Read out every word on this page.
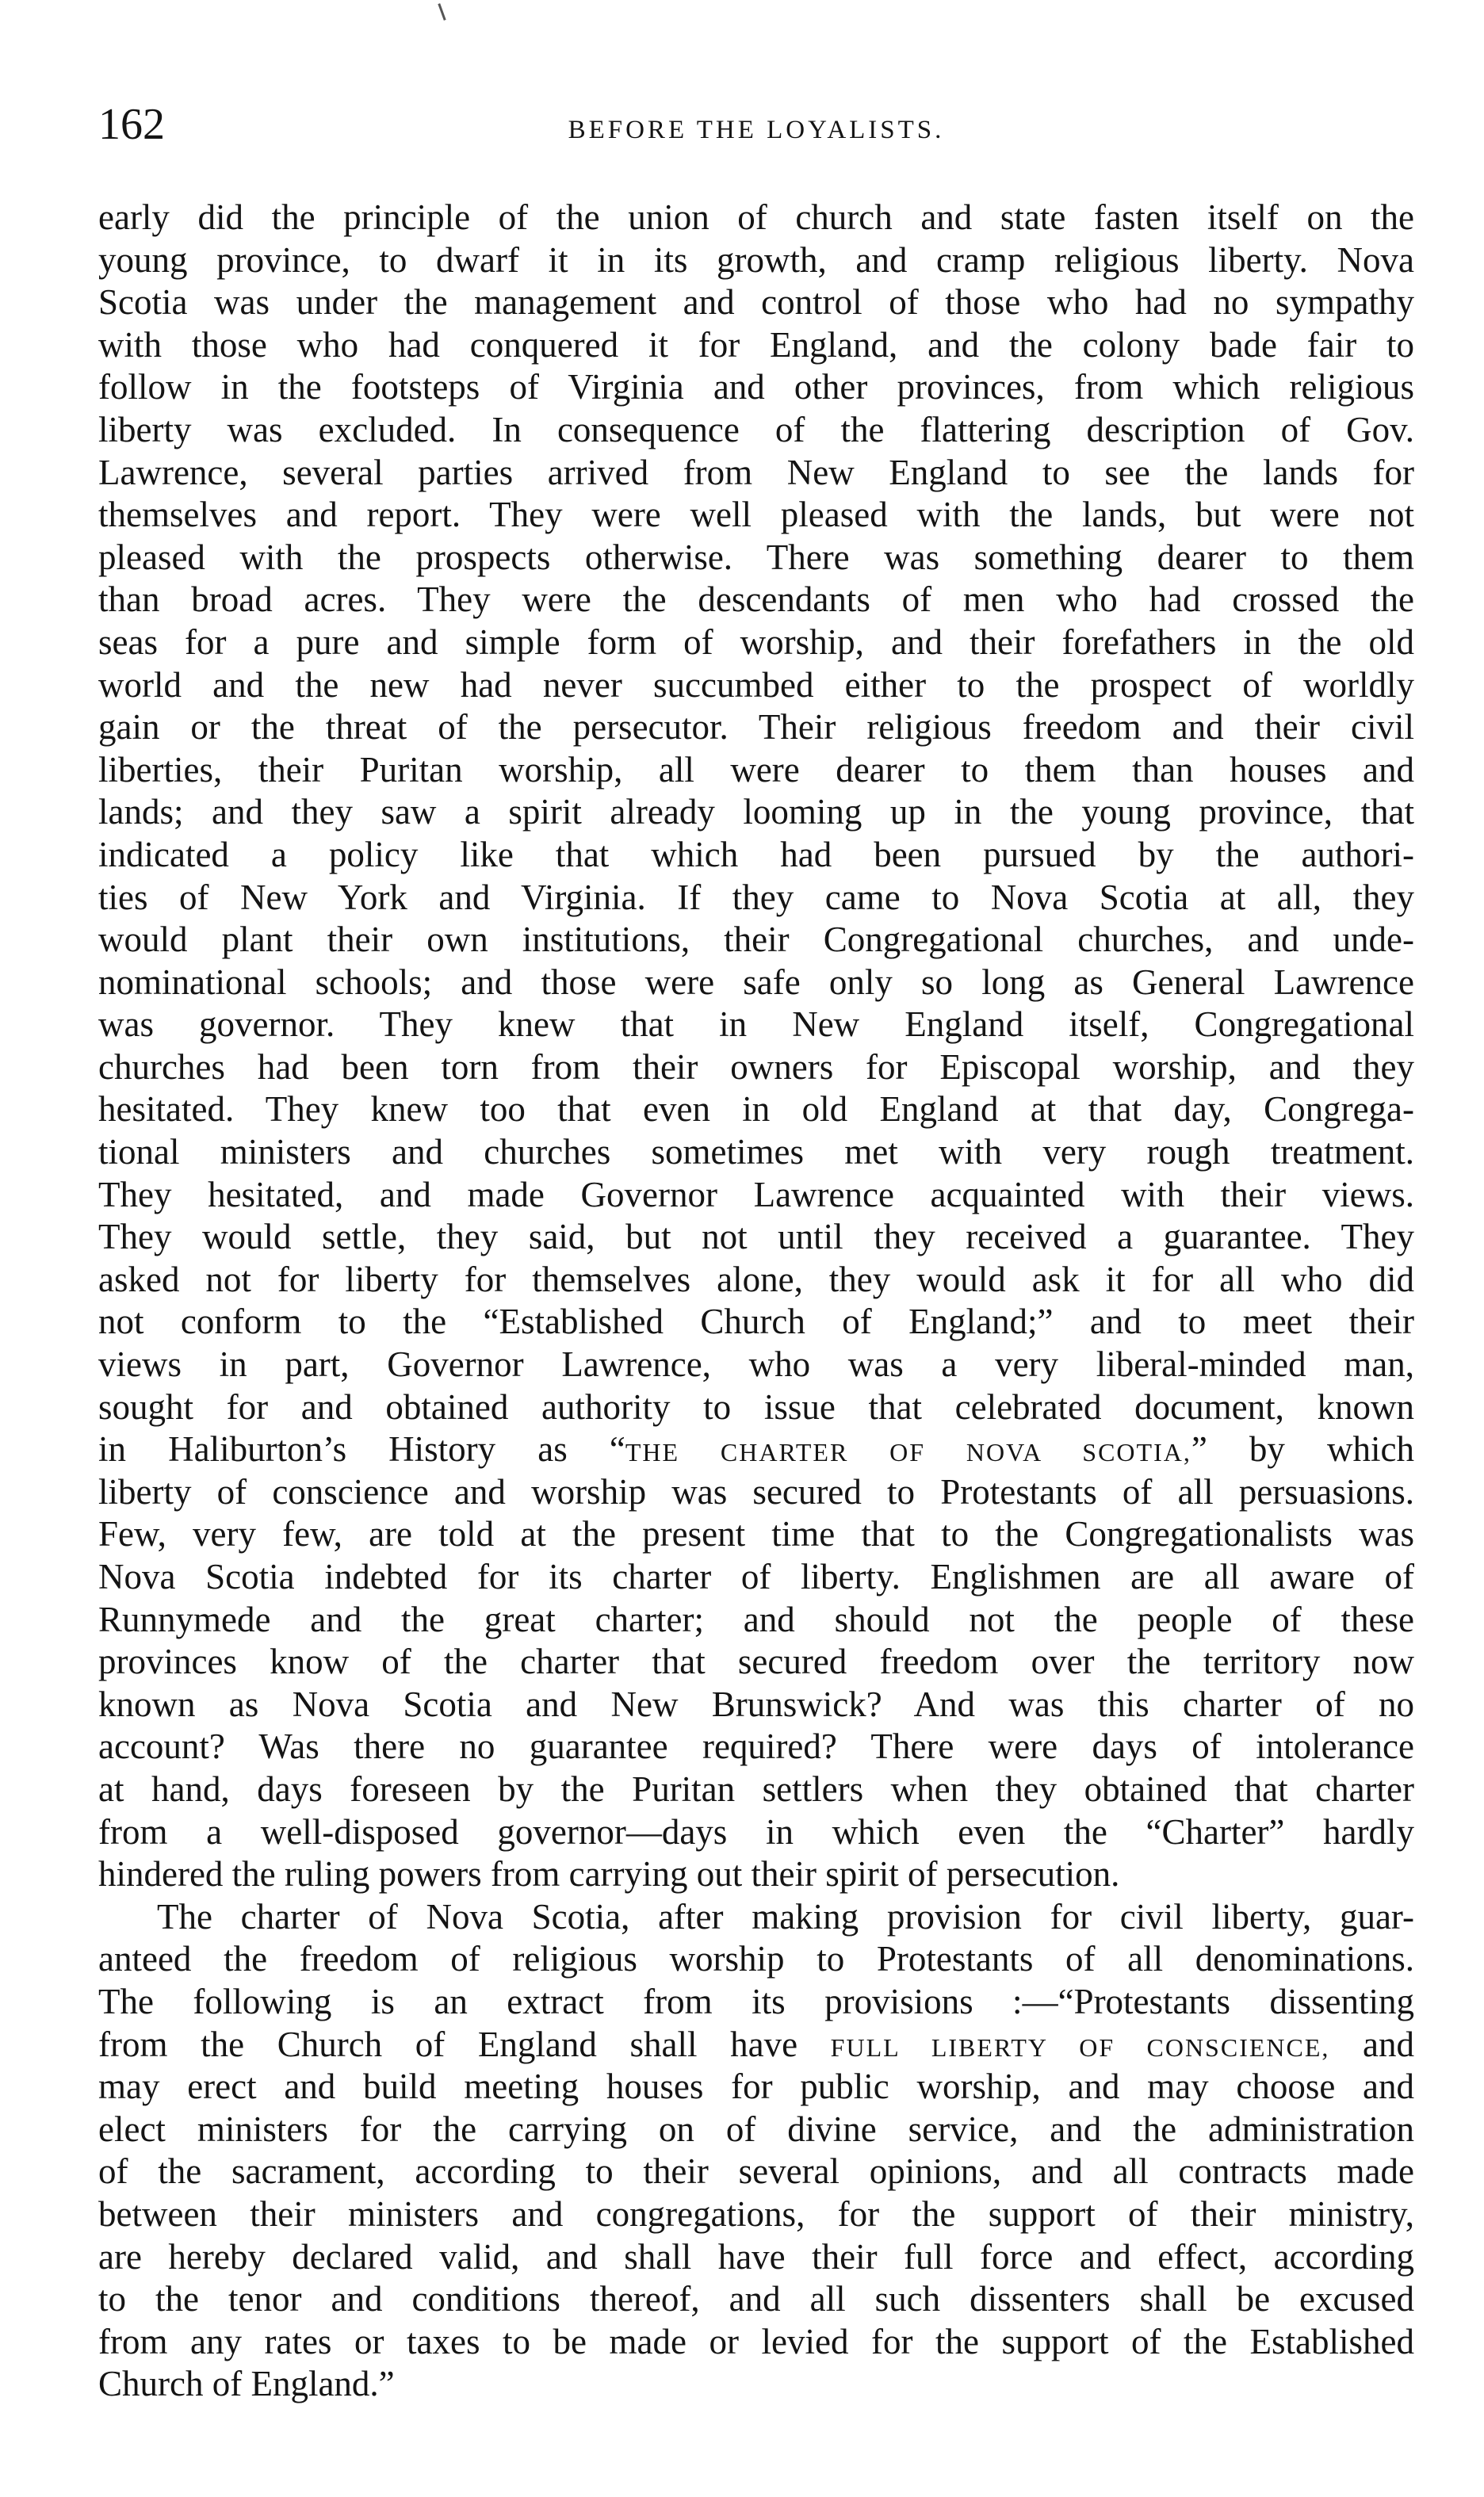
162	BEFORE THE LOYALISTS.
early did the principle of the union of church and state fasten itself on the
young province, to dwarf it in its growth, and cramp religious liberty. Nova
Scotia was under the management and control of those who had no sympathy
with those who had conquered it for England, and the colony bade fair to
follow in the footsteps of Virginia and other provinces, from which religious
liberty was excluded. In consequence of the flattering description of Gov.
Lawrence, several parties arrived from New England to see the lands for
themselves and report. They were well pleased with the lands, but were not
pleased with the prospects otherwise. There was something dearer to them
than broad acres. They were the descendants of men who had crossed the
seas for a pure and simple form of worship, and their forefathers in the old
world and the new had never succumbed either to the prospect of worldly
gain or the threat of the persecutor. Their religious freedom and their civil
liberties, their Puritan worship, all were dearer to them than houses and
lands; and they saw a spirit already looming up in the young province, that
indicated a policy like that which had been pursued by the authori-
ties of New York and Virginia. If they came to Nova Scotia at all, they
would plant their own institutions, their Congregational churches, and unde-
nominational schools; and those were safe only so long as General Lawrence
was governor. They knew that in New England itself, Congregational
churches had been torn from their owners for Episcopal worship, and they
hesitated. They knew too that even in old England at that day, Congrega-
tional ministers and churches sometimes met with very rough treatment.
They hesitated, and made Governor Lawrence acquainted with their views.
They would settle, they said, but not until they received a guarantee. They
asked not for liberty for themselves alone, they would ask it for all who did
not conform to the “Established Church of England;” and to meet their
views in part, Governor Lawrence, who was a very liberal-minded man,
sought for and obtained authority to issue that celebrated document, known
in Haliburton’s History as “THE CHARTER OF NOVA SCOTIA,” by which
liberty of conscience and worship was secured to Protestants of all persuasions.
Few, very few, are told at the present time that to the Congregationalists was
Nova Scotia indebted for its charter of liberty. Englishmen are all aware of
Runnymede and the great charter; and should not the people of these
provinces know of the charter that secured freedom over the territory now
known as Nova Scotia and New Brunswick? And was this charter of no
account? Was there no guarantee required? There were days of intolerance
at hand, days foreseen by the Puritan settlers when they obtained that charter
from a well-disposed governor—days in which even the “Charter” hardly
hindered the ruling powers from carrying out their spirit of persecution.
The charter of Nova Scotia, after making provision for civil liberty, guar-
anteed the freedom of religious worship to Protestants of all denominations.
The following is an extract from its provisions :—“Protestants dissenting
from the Church of England shall have FULL LIBERTY OF CONSCIENCE, and
may erect and build meeting houses for public worship, and may choose and
elect ministers for the carrying on of divine service, and the administration
of the sacrament, according to their several opinions, and all contracts made
between their ministers and congregations, for the support of their ministry,
are hereby declared valid, and shall have their full force and effect, according
to the tenor and conditions thereof, and all such dissenters shall be excused
from any rates or taxes to be made or levied for the support of the Established
Church of England.”
